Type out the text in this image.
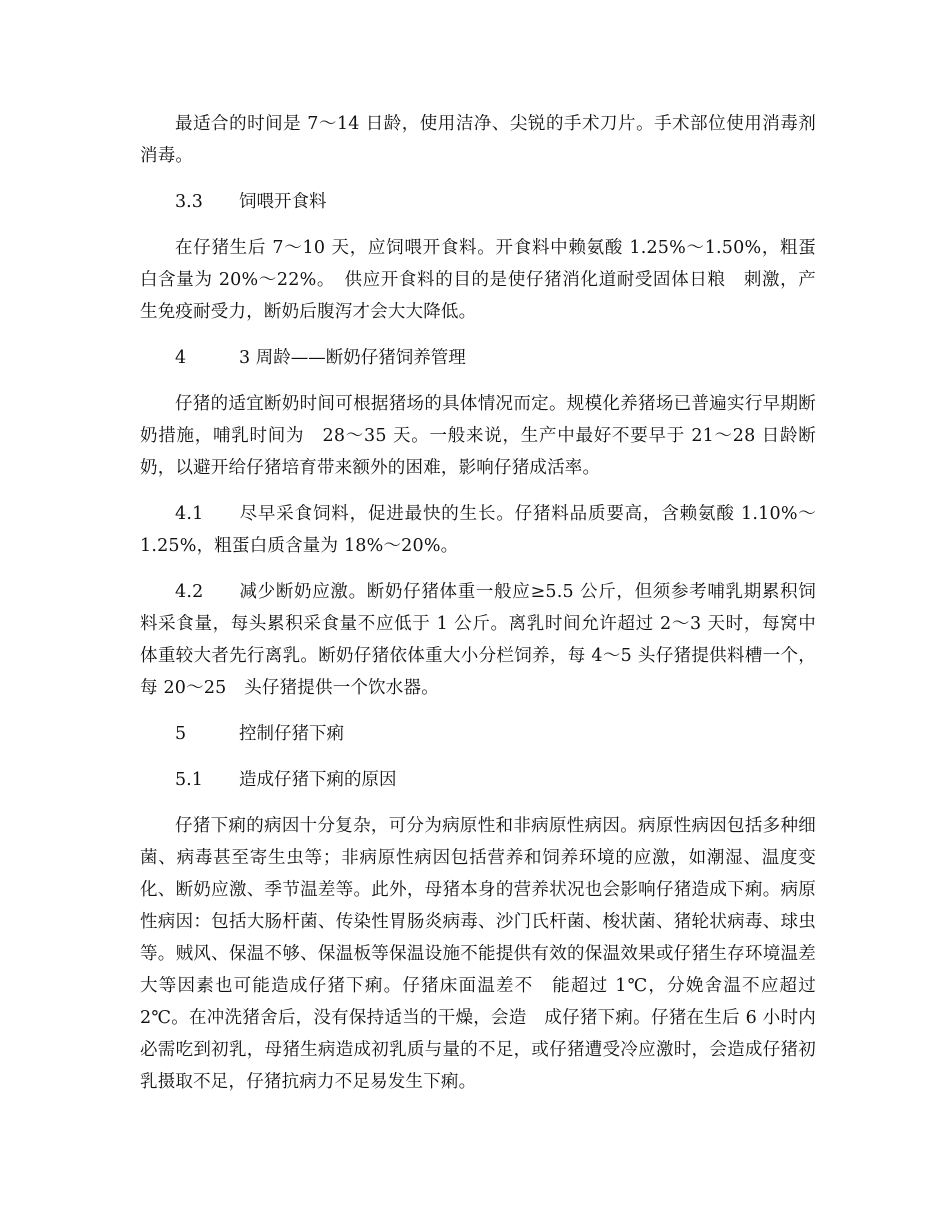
最适合的时间是 7～14 日龄，使用洁净、尖锐的手术刀片。手术部位使用消毒剂消毒。

3.3 饲喂开食料

在仔猪生后 7～10 天，应饲喂开食料。开食料中赖氨酸 1.25%～1.50%，粗蛋白含量为 20%～22%。　供应开食料的目的是使仔猪消化道耐受固体日粮　刺激，产生免疫耐受力，断奶后腹泻才会大大降低。

4	3 周龄——断奶仔猪饲养管理

仔猪的适宜断奶时间可根据猪场的具体情况而定。规模化养猪场已普遍实行早期断奶措施，哺乳时间为　28～35 天。一般来说，生产中最好不要早于 21～28 日龄断奶，以避开给仔猪培育带来额外的困难，影响仔猪成活率。

4.1 尽早采食饲料，促进最快的生长。仔猪料品质要高，含赖氨酸 1.10%～1.25%，粗蛋白质含量为 18%～20%。

4.2 减少断奶应激。断奶仔猪体重一般应≥5.5 公斤，但须参考哺乳期累积饲料采食量，每头累积采食量不应低于 1 公斤。离乳时间允许超过 2～3 天时，每窝中体重较大者先行离乳。断奶仔猪依体重大小分栏饲养，每 4～5 头仔猪提供料槽一个，每 20～25　头仔猪提供一个饮水器。

5	控制仔猪下痢
5.1 造成仔猪下痢的原因

仔猪下痢的病因十分复杂，可分为病原性和非病原性病因。病原性病因包括多种细菌、病毒甚至寄生虫等；非病原性病因包括营养和饲养环境的应激，如潮湿、温度变化、断奶应激、季节温差等。此外，母猪本身的营养状况也会影响仔猪造成下痢。病原性病因：包括大肠杆菌、传染性胃肠炎病毒、沙门氏杆菌、梭状菌、猪轮状病毒、球虫等。贼风、保温不够、保温板等保温设施不能提供有效的保温效果或仔猪生存环境温差大等因素也可能造成仔猪下痢。仔猪床面温差不　能超过 1℃，分娩舍温不应超过 2℃。在冲洗猪舍后，没有保持适当的干燥，会造　成仔猪下痢。仔猪在生后 6 小时内必需吃到初乳，母猪生病造成初乳质与量的不足，或仔猪遭受冷应激时，会造成仔猪初乳摄取不足，仔猪抗病力不足易发生下痢。
